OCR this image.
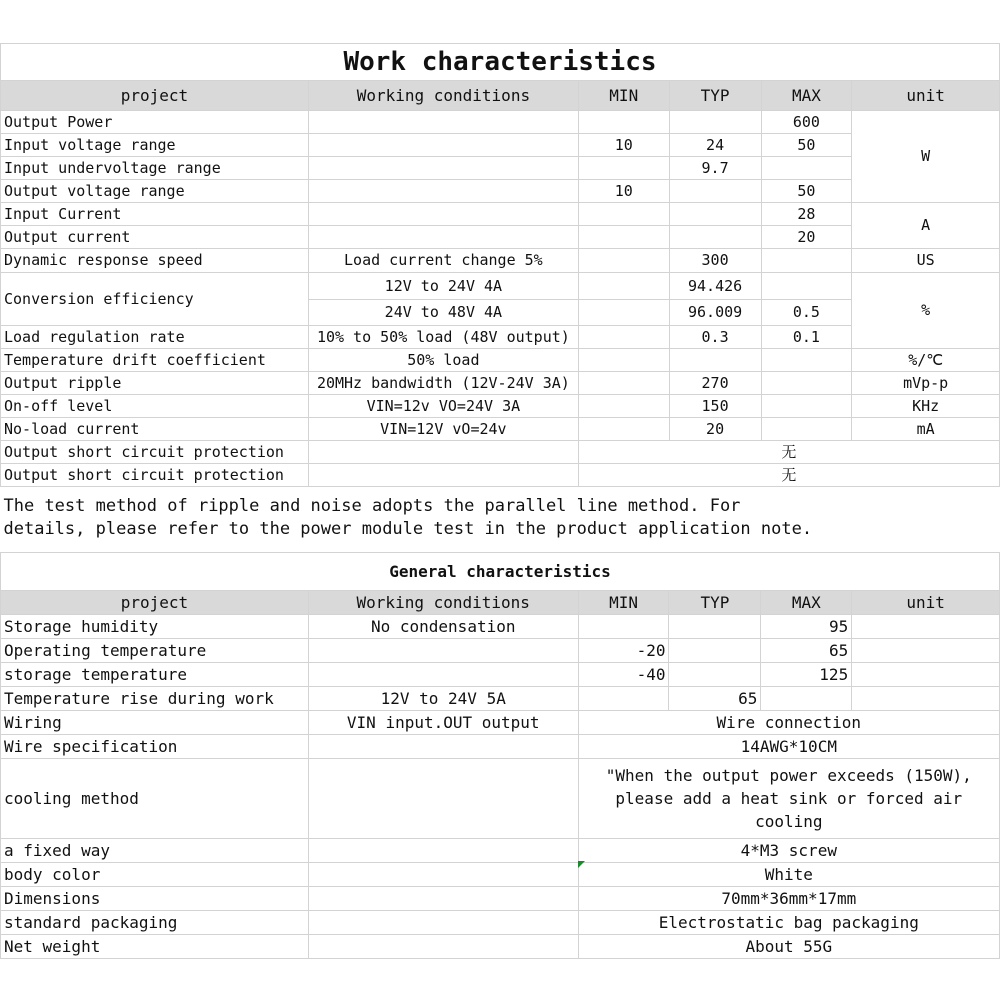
Work characteristics					
project	Working conditions	MIN	TYP	MAX	unit
Output Power				600	W
Input voltage range		10	24	50	
Input undervoltage range			9.7		
Output voltage range		10		50	
Input Current				28	A
Output current				20	
Dynamic response speed	Load current change 5%		300		US
Conversion efficiency	12V to 24V 4A		94.426		%
	24V to 48V 4A		96.009	0.5	
Load regulation rate	10% to 50% load (48V output)		0.3	0.1	
Temperature drift coefficient	50% load				%/℃
Output ripple	20MHz bandwidth (12V-24V 3A)		270		mVp-p
On-off level	VIN=12v VO=24V 3A		150		KHz
No-load current	VIN=12V vO=24v		20		mA
Output short circuit protection		无			
Output short circuit protection		无			
The test method of ripple and noise adopts the parallel line method. For details, please refer to the power module test in the product application note.					
General characteristics					
project	Working conditions	MIN	TYP	MAX	unit
Storage humidity	No condensation			95	
Operating temperature		-20		65	
storage temperature		-40		125	
Temperature rise during work	12V to 24V 5A		65		
Wiring	VIN input.OUT output	Wire connection			
Wire specification		14AWG*10CM			
cooling method		"When the output power exceeds (150W), please add a heat sink or forced air cooling			
a fixed way		4*M3 screw			
body color		White			
Dimensions		70mm*36mm*17mm			
standard packaging		Electrostatic bag packaging			
Net weight		About 55G			
